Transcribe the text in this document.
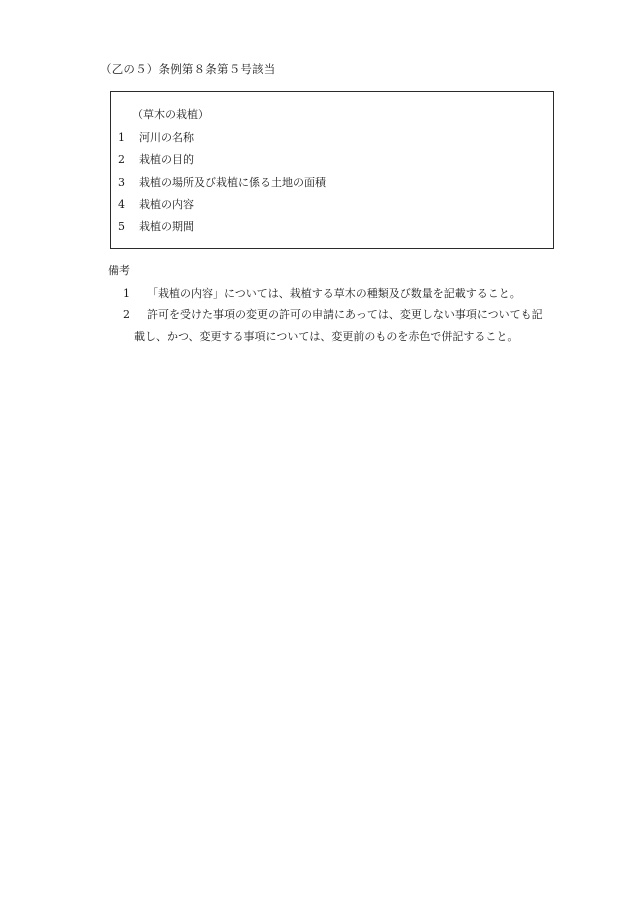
（乙の５）条例第８条第５号該当
（草木の栽植）
1 河川の名称
2 栽植の目的
3 栽植の場所及び栽植に係る土地の面積
4 栽植の内容
5 栽植の期間
備考
1 「栽植の内容」については、栽植する草木の種類及び数量を記載すること。
2 許可を受けた事項の変更の許可の申請にあっては、変更しない事項についても記
載し、かつ、変更する事項については、変更前のものを赤色で併記すること。
